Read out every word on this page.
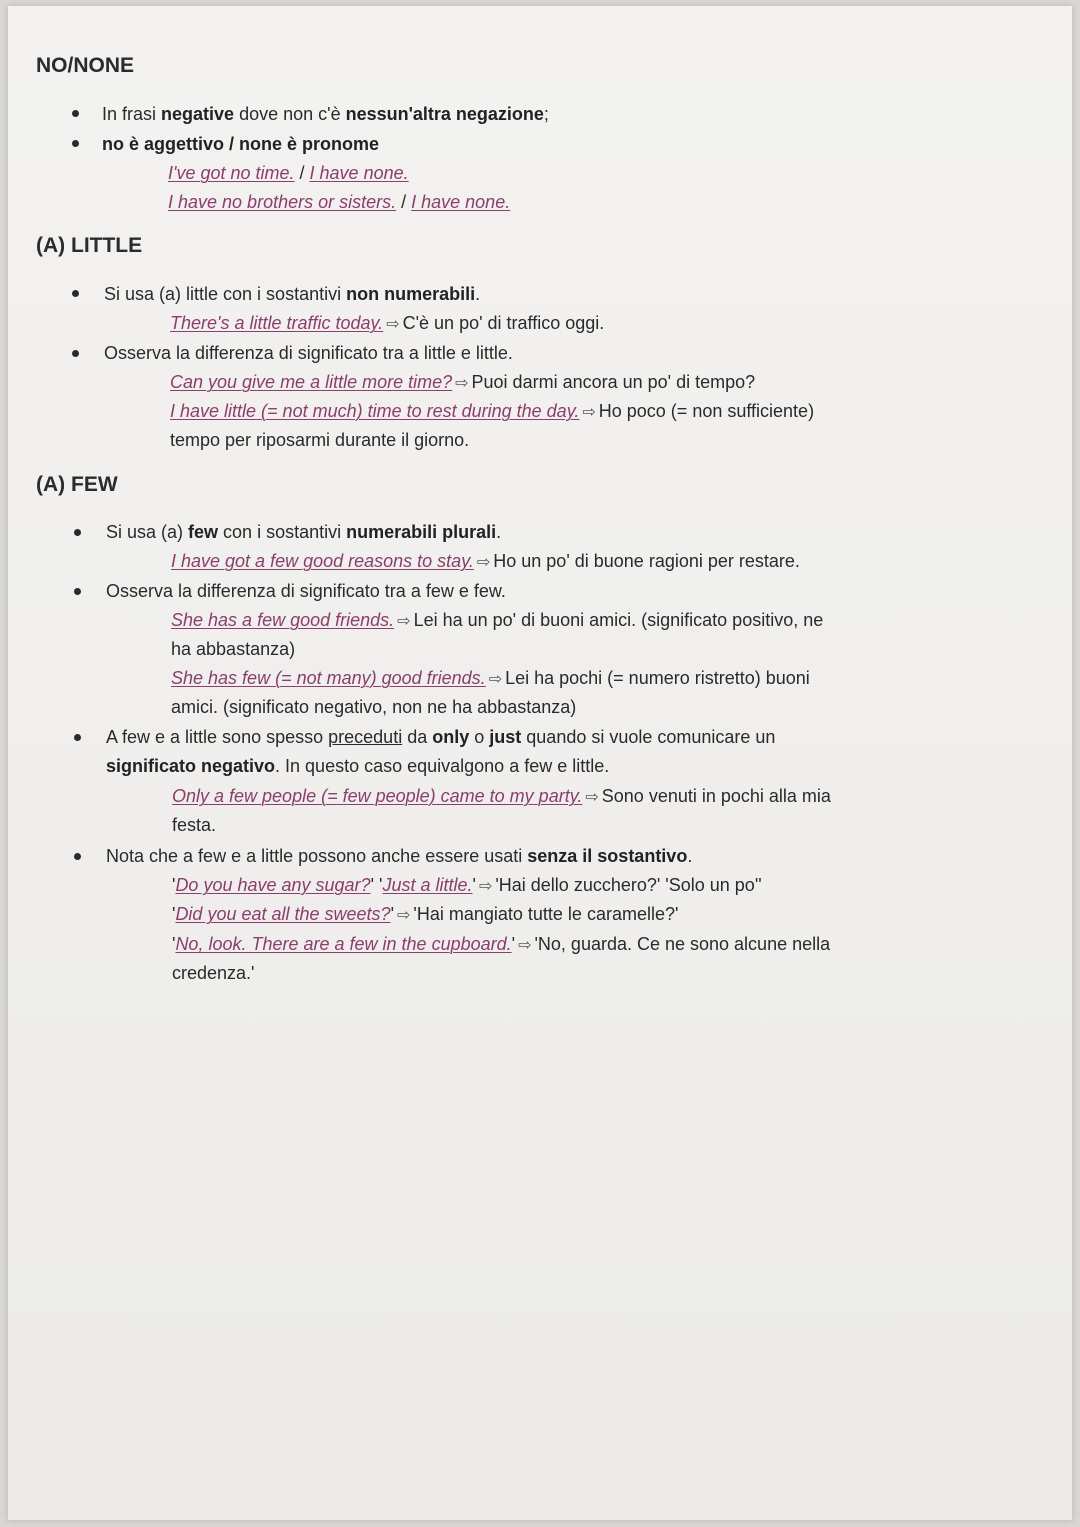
NO/NONE
In frasi negative dove non c'è nessun'altra negazione;
no è aggettivo / none è pronome
I've got no time. / I have none.
I have no brothers or sisters. / I have none.
(A) LITTLE
Si usa (a) little con i sostantivi non numerabili.
There's a little traffic today. ⇨ C'è un po' di traffico oggi.
Osserva la differenza di significato tra a little e little.
Can you give me a little more time? ⇨ Puoi darmi ancora un po' di tempo?
I have little (= not much) time to rest during the day. ⇨ Ho poco (= non sufficiente)
tempo per riposarmi durante il giorno.
(A) FEW
Si usa (a) few con i sostantivi numerabili plurali.
I have got a few good reasons to stay. ⇨ Ho un po' di buone ragioni per restare.
Osserva la differenza di significato tra a few e few.
She has a few good friends. ⇨ Lei ha un po' di buoni amici. (significato positivo, ne
ha abbastanza)
She has few (= not many) good friends. ⇨ Lei ha pochi (= numero ristretto) buoni
amici. (significato negativo, non ne ha abbastanza)
A few e a little sono spesso preceduti da only o just quando si vuole comunicare un
significato negativo. In questo caso equivalgono a few e little.
Only a few people (= few people) came to my party. ⇨ Sono venuti in pochi alla mia
festa.
Nota che a few e a little possono anche essere usati senza il sostantivo.
'Do you have any sugar?' 'Just a little.' ⇨ 'Hai dello zucchero?' 'Solo un po''
'Did you eat all the sweets?' ⇨ 'Hai mangiato tutte le caramelle?'
'No, look. There are a few in the cupboard.' ⇨ 'No, guarda. Ce ne sono alcune nella
credenza.'
